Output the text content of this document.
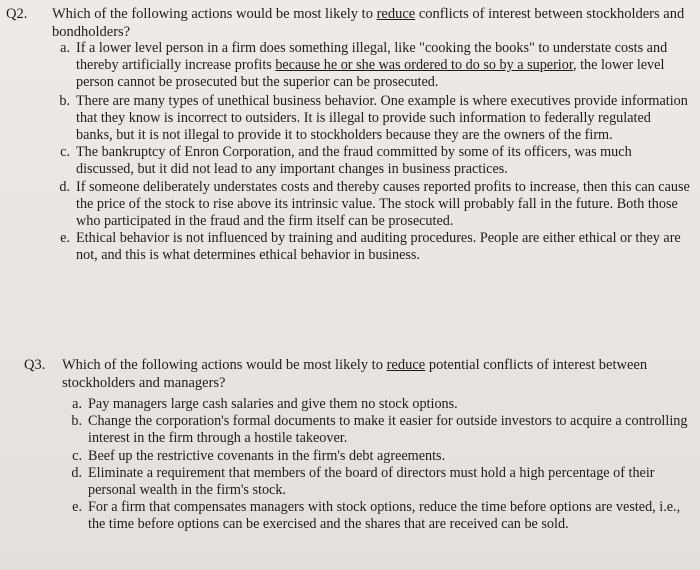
Q2. Which of the following actions would be most likely to reduce conflicts of interest between stockholders and bondholders?
a. If a lower level person in a firm does something illegal, like "cooking the books" to understate costs and thereby artificially increase profits because he or she was ordered to do so by a superior, the lower level person cannot be prosecuted but the superior can be prosecuted.
b. There are many types of unethical business behavior. One example is where executives provide information that they know is incorrect to outsiders. It is illegal to provide such information to federally regulated banks, but it is not illegal to provide it to stockholders because they are the owners of the firm.
c. The bankruptcy of Enron Corporation, and the fraud committed by some of its officers, was much discussed, but it did not lead to any important changes in business practices.
d. If someone deliberately understates costs and thereby causes reported profits to increase, then this can cause the price of the stock to rise above its intrinsic value. The stock will probably fall in the future. Both those who participated in the fraud and the firm itself can be prosecuted.
e. Ethical behavior is not influenced by training and auditing procedures. People are either ethical or they are not, and this is what determines ethical behavior in business.
Q3. Which of the following actions would be most likely to reduce potential conflicts of interest between stockholders and managers?
a. Pay managers large cash salaries and give them no stock options.
b. Change the corporation's formal documents to make it easier for outside investors to acquire a controlling interest in the firm through a hostile takeover.
c. Beef up the restrictive covenants in the firm's debt agreements.
d. Eliminate a requirement that members of the board of directors must hold a high percentage of their personal wealth in the firm's stock.
e. For a firm that compensates managers with stock options, reduce the time before options are vested, i.e., the time before options can be exercised and the shares that are received can be sold.
